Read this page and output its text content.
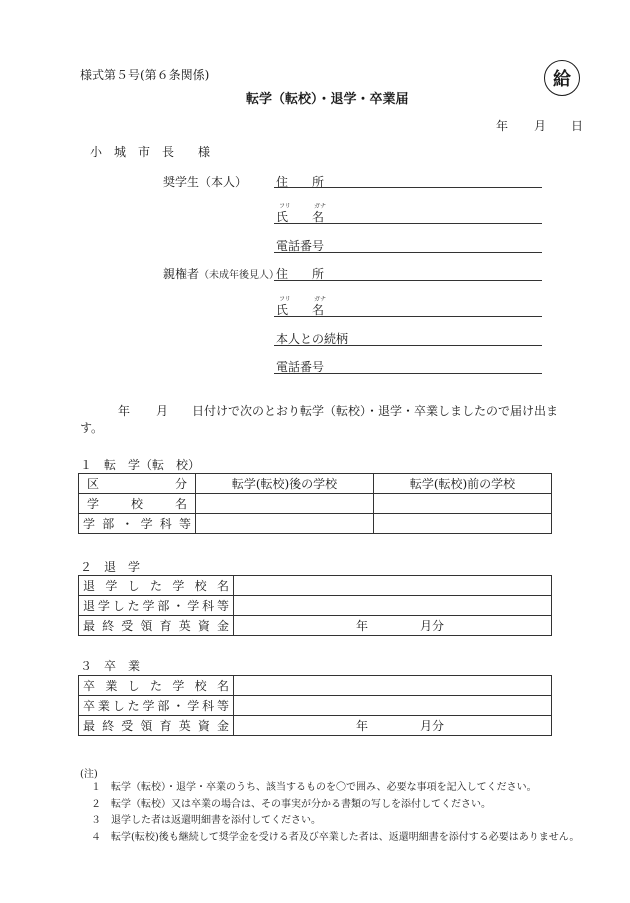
様式第５号(第６条関係)	給
転学（転校）・退学・卒業届
年 月 日
小　城　市　長　　様
奨学生（本人） 住　　所
フリ	ガナ
氏　　名
電話番号
親権者（未成年後見人）
住　　所
フリ	ガナ
氏　　名
本人との続柄
電話番号
年 月 日付けで次のとおり転学（転校）・退学・卒業しましたので届け出ま
す。
１　転　学（転　校）
区　分	転学(転校)後の学校	転学(転校)前の学校

学　校　名		

学部・学科等		

２　退　学
退学した学校名	

退学した学部・学科等	

最終受領育英資金	年 月分
３　卒　業
卒業した学校名	

卒業した学部・学科等	

最終受領育英資金	年 月分
(注)
１　転学（転校）・退学・卒業のうち、該当するものを〇で囲み、必要な事項を記入してください。
２　転学（転校）又は卒業の場合は、その事実が分かる書類の写しを添付してください。
３　退学した者は返還明細書を添付してください。
４　転学(転校)後も継続して奨学金を受ける者及び卒業した者は、返還明細書を添付する必要はありません。
